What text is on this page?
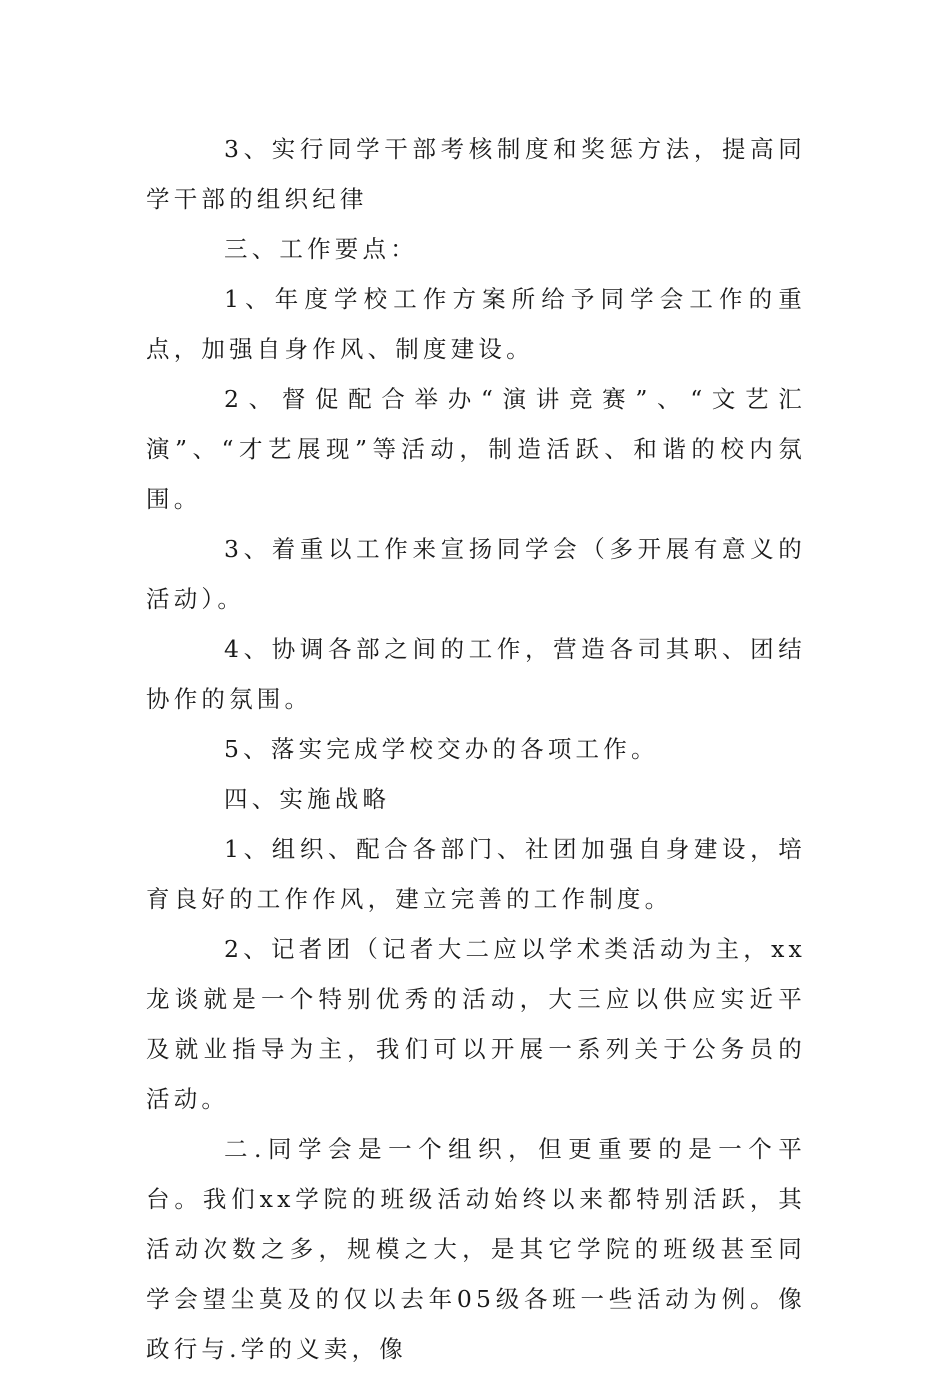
3、实行同学干部考核制度和奖惩方法，提高同学干部的组织纪律

三、工作要点：

1、年度学校工作方案所给予同学会工作的重点，加强自身作风、制度建设。

2、督促配合举办“演讲竞赛”、“文艺汇演”、“才艺展现”等活动，制造活跃、和谐的校内氛围。

3、着重以工作来宣扬同学会（多开展有意义的活动）。

4、协调各部之间的工作，营造各司其职、团结协作的氛围。

5、落实完成学校交办的各项工作。

四、实施战略

1、组织、配合各部门、社团加强自身建设，培育良好的工作作风，建立完善的工作制度。

2、记者团（记者大二应以学术类活动为主，xx龙谈就是一个特别优秀的活动，大三应以供应实近平及就业指导为主，我们可以开展一系列关于公务员的活动。

二.同学会是一个组织，但更重要的是一个平台。我们xx学院的班级活动始终以来都特别活跃，其活动次数之多，规模之大，是其它学院的班级甚至同学会望尘莫及的仅以去年05级各班一些活动为例。像政行与.学的义卖，像
